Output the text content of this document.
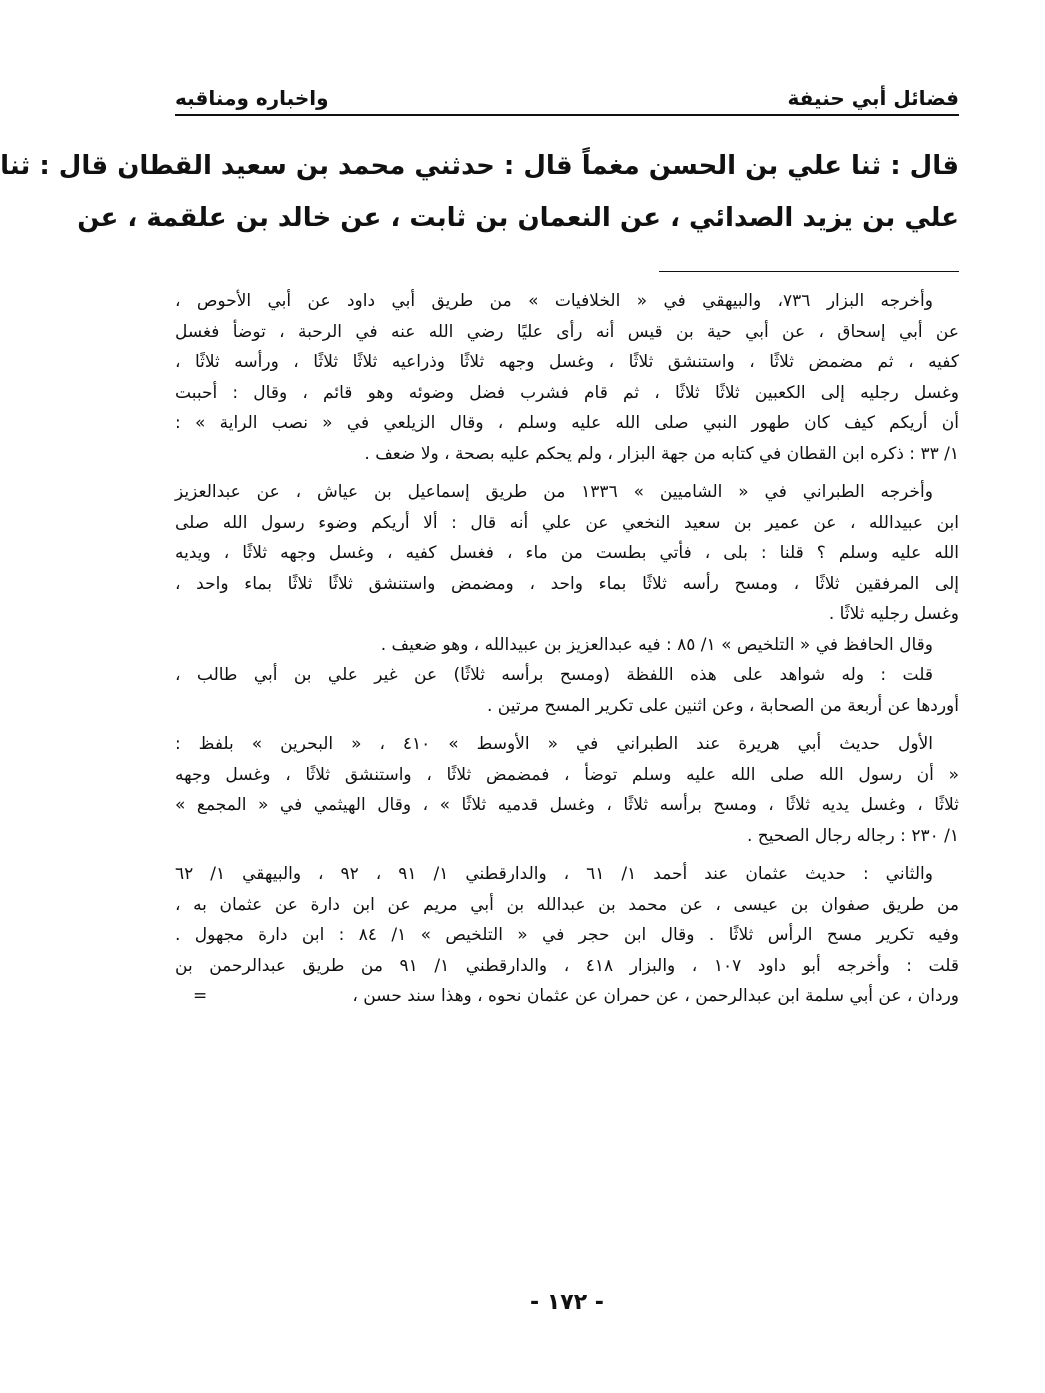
فضائل أبي حنيفة
واخباره ومناقبه
قال : ثنا علي بن الحسن مغماً قال : حدثني محمد بن سعيد القطان قال : ثنا
علي بن يزيد الصدائي ، عن النعمان بن ثابت ، عن خالد بن علقمة ، عن
وأخرجه البزار ٧٣٦، والبيهقي في « الخلافيات » من طريق أبي داود عن أبي الأحوص ،
عن أبي إسحاق ، عن أبي حية بن قيس أنه رأى عليًا رضي الله عنه في الرحبة ، توضأ فغسل
كفيه ، ثم مضمض ثلاثًا ، واستنشق ثلاثًا ، وغسل وجهه ثلاثًا وذراعيه ثلاثًا ثلاثًا ، ورأسه ثلاثًا ،
وغسل رجليه إلى الكعبين ثلاثًا ثلاثًا ، ثم قام فشرب فضل وضوئه وهو قائم ، وقال : أحببت
أن أريكم كيف كان طهور النبي صلى الله عليه وسلم ، وقال الزيلعي في « نصب الراية » :
١/ ٣٣ : ذكره ابن القطان في كتابه من جهة البزار ، ولم يحكم عليه بصحة ، ولا ضعف .
وأخرجه الطبراني في « الشاميين » ١٣٣٦ من طريق إسماعيل بن عياش ، عن عبدالعزيز
ابن عبيدالله ، عن عمير بن سعيد النخعي عن علي أنه قال : ألا أريكم وضوء رسول الله صلى
الله عليه وسلم ؟ قلنا : بلى ، فأتي بطست من ماء ، فغسل كفيه ، وغسل وجهه ثلاثًا ، ويديه
إلى المرفقين ثلاثًا ، ومسح رأسه ثلاثًا بماء واحد ، ومضمض واستنشق ثلاثًا ثلاثًا بماء واحد ،
وغسل رجليه ثلاثًا .
وقال الحافظ في « التلخيص » ١/ ٨٥ : فيه عبدالعزيز بن عبيدالله ، وهو ضعيف .
قلت : وله شواهد على هذه اللفظة (ومسح برأسه ثلاثًا) عن غير علي بن أبي طالب ،
أوردها عن أربعة من الصحابة ، وعن اثنين على تكرير المسح مرتين .
الأول حديث أبي هريرة عند الطبراني في « الأوسط » ٤١٠ ، « البحرين » بلفظ :
« أن رسول الله صلى الله عليه وسلم توضأ ، فمضمض ثلاثًا ، واستنشق ثلاثًا ، وغسل وجهه
ثلاثًا ، وغسل يديه ثلاثًا ، ومسح برأسه ثلاثًا ، وغسل قدميه ثلاثًا » ، وقال الهيثمي في « المجمع »
١/ ٢٣٠ : رجاله رجال الصحيح .
والثاني : حديث عثمان عند أحمد ١/ ٦١ ، والدارقطني ١/ ٩١ ، ٩٢ ، والبيهقي ١/ ٦٢
من طريق صفوان بن عيسى ، عن محمد بن عبدالله بن أبي مريم عن ابن دارة عن عثمان به ،
وفيه تكرير مسح الرأس ثلاثًا . وقال ابن حجر في « التلخيص » ١/ ٨٤ : ابن دارة مجهول .
قلت : وأخرجه أبو داود ١٠٧ ، والبزار ٤١٨ ، والدارقطني ١/ ٩١ من طريق عبدالرحمن بن
=	وردان ، عن أبي سلمة ابن عبدالرحمن ، عن حمران عن عثمان نحوه ، وهذا سند حسن ،
- ١٧٢ -
